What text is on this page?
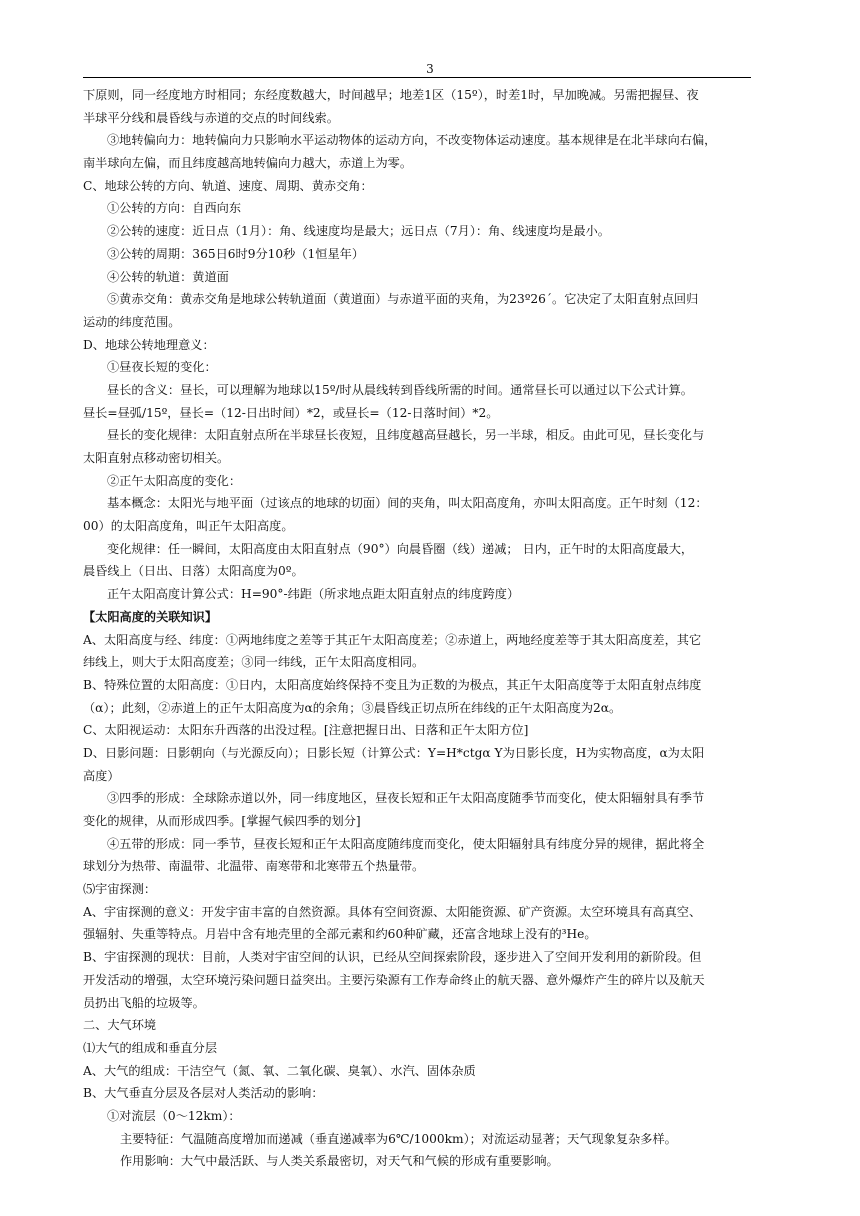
3
下原则，同一经度地方时相同；东经度数越大，时间越早；地差1区（15º），时差1时，早加晚减。另需把握昼、夜
半球平分线和晨昏线与赤道的交点的时间线索。
③地转偏向力：地转偏向力只影响水平运动物体的运动方向，不改变物体运动速度。基本规律是在北半球向右偏，
南半球向左偏，而且纬度越高地转偏向力越大，赤道上为零。
C、地球公转的方向、轨道、速度、周期、黄赤交角：
①公转的方向：自西向东
②公转的速度：近日点（1月）：角、线速度均是最大；远日点（7月）：角、线速度均是最小。
③公转的周期：365日6时9分10秒（1恒星年）
④公转的轨道：黄道面
⑤黄赤交角：黄赤交角是地球公转轨道面（黄道面）与赤道平面的夹角，为23º26ˊ。它决定了太阳直射点回归
运动的纬度范围。
D、地球公转地理意义：
①昼夜长短的变化：
昼长的含义：昼长，可以理解为地球以15º/时从晨线转到昏线所需的时间。通常昼长可以通过以下公式计算。
昼长=昼弧/15º，昼长=（12-日出时间）*2，或昼长=（12-日落时间）*2。
昼长的变化规律：太阳直射点所在半球昼长夜短，且纬度越高昼越长，另一半球，相反。由此可见，昼长变化与
太阳直射点移动密切相关。
②正午太阳高度的变化：
基本概念：太阳光与地平面（过该点的地球的切面）间的夹角，叫太阳高度角，亦叫太阳高度。正午时刻（12：
00）的太阳高度角，叫正午太阳高度。
变化规律：任一瞬间，太阳高度由太阳直射点（90°）向晨昏圈（线）递减； 日内，正午时的太阳高度最大，
晨昏线上（日出、日落）太阳高度为0º。
正午太阳高度计算公式：H=90°-纬距（所求地点距太阳直射点的纬度跨度）
【太阳高度的关联知识】
A、太阳高度与经、纬度：①两地纬度之差等于其正午太阳高度差；②赤道上，两地经度差等于其太阳高度差，其它
纬线上，则大于太阳高度差；③同一纬线，正午太阳高度相同。
B、特殊位置的太阳高度：①日内，太阳高度始终保持不变且为正数的为极点，其正午太阳高度等于太阳直射点纬度
（α）；此刻，②赤道上的正午太阳高度为α的余角；③晨昏线正切点所在纬线的正午太阳高度为2α。
C、太阳视运动：太阳东升西落的出没过程。[注意把握日出、日落和正午太阳方位]
D、日影问题：日影朝向（与光源反向）；日影长短（计算公式：Y=H*ctgα Y为日影长度，H为实物高度，α为太阳
高度）
③四季的形成：全球除赤道以外，同一纬度地区，昼夜长短和正午太阳高度随季节而变化，使太阳辐射具有季节
变化的规律，从而形成四季。[掌握气候四季的划分]
④五带的形成：同一季节，昼夜长短和正午太阳高度随纬度而变化，使太阳辐射具有纬度分异的规律，据此将全
球划分为热带、南温带、北温带、南寒带和北寒带五个热量带。
⑸宇宙探测：
A、宇宙探测的意义：开发宇宙丰富的自然资源。具体有空间资源、太阳能资源、矿产资源。太空环境具有高真空、
强辐射、失重等特点。月岩中含有地壳里的全部元素和约60种矿藏，还富含地球上没有的³He。
B、宇宙探测的现状：目前，人类对宇宙空间的认识，已经从空间探索阶段，逐步进入了空间开发利用的新阶段。但
开发活动的增强，太空环境污染问题日益突出。主要污染源有工作寿命终止的航天器、意外爆炸产生的碎片以及航天
员扔出飞船的垃圾等。
二、大气环境
⑴大气的组成和垂直分层
A、大气的组成：干洁空气（氮、氧、二氧化碳、臭氧）、水汽、固体杂质
B、大气垂直分层及各层对人类活动的影响：
①对流层（0～12km）：
主要特征：气温随高度增加而递减（垂直递减率为6℃/1000km）；对流运动显著；天气现象复杂多样。
作用影响：大气中最活跃、与人类关系最密切，对天气和气候的形成有重要影响。
